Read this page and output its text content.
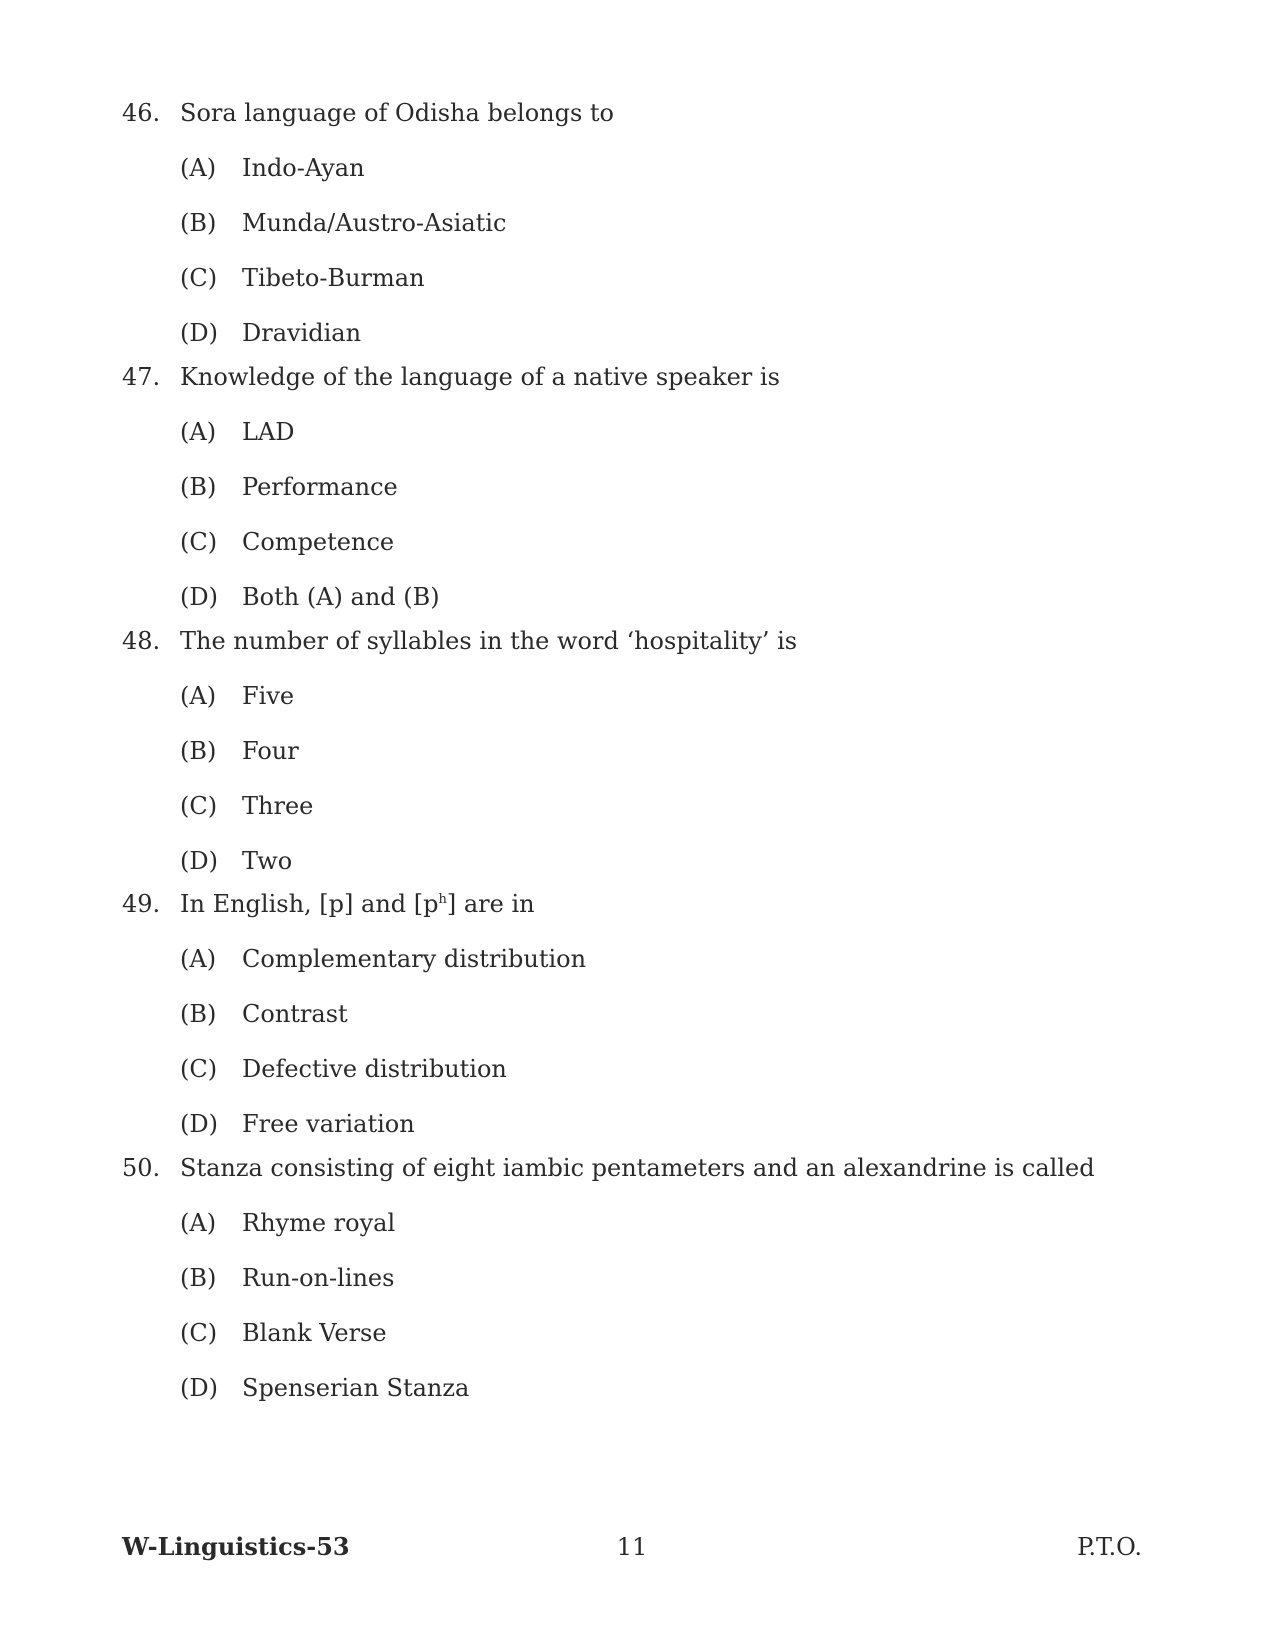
46. Sora language of Odisha belongs to
(A) Indo-Ayan
(B) Munda/Austro-Asiatic
(C) Tibeto-Burman
(D) Dravidian
47. Knowledge of the language of a native speaker is
(A) LAD
(B) Performance
(C) Competence
(D) Both (A) and (B)
48. The number of syllables in the word ‘hospitality’ is
(A) Five
(B) Four
(C) Three
(D) Two
49. In English, [p] and $[p^h]$ are in
(A) Complementary distribution
(B) Contrast
(C) Defective distribution
(D) Free variation
50. Stanza consisting of eight iambic pentameters and an alexandrine is called
(A) Rhyme royal
(B) Run-on-lines
(C) Blank Verse
(D) Spenserian Stanza
W-Linguistics-53	11	P.T.O.
